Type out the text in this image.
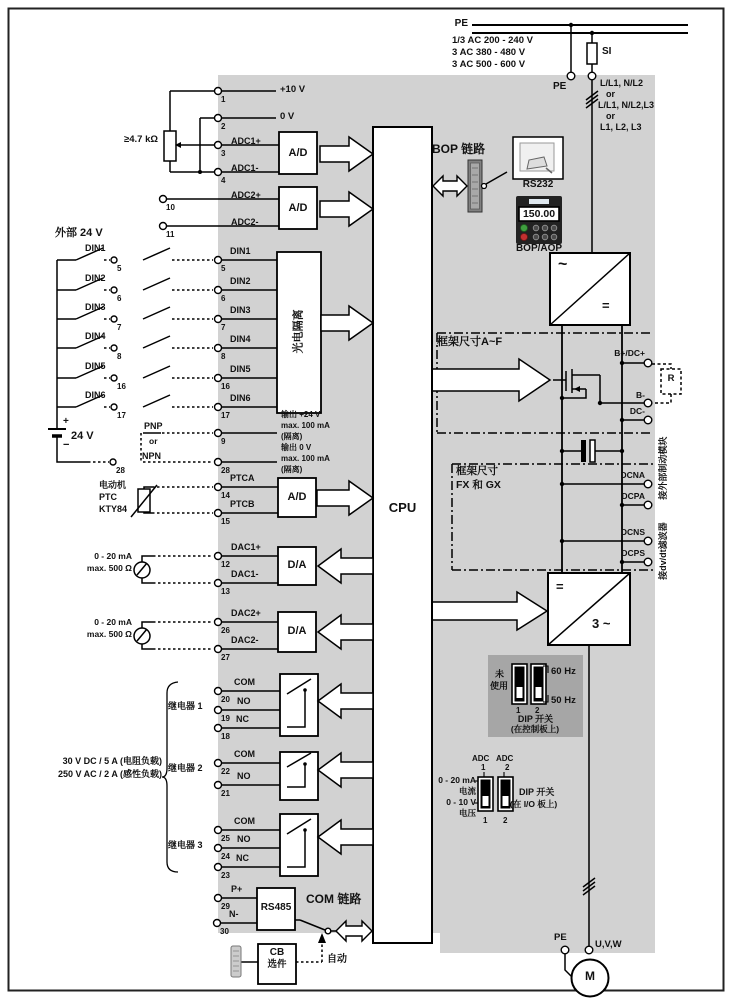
PE
1/3 AC 200 - 240 V
3 AC 380 - 480 V
3 AC 500 - 600 V
SI
PE	L/L1, N/L2
or
L/L1, N/L2,L3
or
L1, L2, L3
+10 V
0 V
≥4.7 kΩ	ADC1+
ADC1-
ADC2+
ADC2-
A/D
A/D
1
2
3
4
10
11
外部 24 V
DIN1
DIN2
DIN3
DIN4
DIN5
DIN6
DIN1
DIN2
DIN3
DIN4
DIN5
DIN6
5
6
7
8
16
17
5
6
7
8
16
17
+
24 V
−
PNP
or
NPN
9
28
28
光电隔离
输出 +24 V
max. 100 mA
(隔离)
输出 0 V
max. 100 mA
(隔离)
电动机
PTC
KTY84
PTCA
PTCB
14
15
A/D
0 - 20 mA
max. 500 Ω
DAC1+
DAC1-
12
13
D/A
0 - 20 mA
max. 500 Ω
DAC2+
DAC2-
26
27
D/A
30 V DC / 5 A (电阻负载)
250 V AC / 2 A (感性负载)
继电器 1
继电器 2
继电器 3
COM
NO
NC
20
19
18
COM
NO
22
21
COM
NO
NC
25
24
23
P+
N-
29
30
RS485
COM 链路
CB
选件	自动
CPU
BOP 链路
RS232
150.00
BOP/AOP
~
=
框架尺寸A~F
框架尺寸
FX 和 GX
B+/DC+
B-
DC-
R
DCNA
DCPA
DCNS
DCPS
接外部制动模块
接dv/dt滤波器
=
3 ~
未
使用
60 Hz
50 Hz
1 2
DIP 开关
(在控制板上)
ADC ADC
1 2
0 - 20 mA
电流
0 - 10 V
电压
1 2
DIP 开关
(在 I/O 板上)
PE
U,V,W
M
